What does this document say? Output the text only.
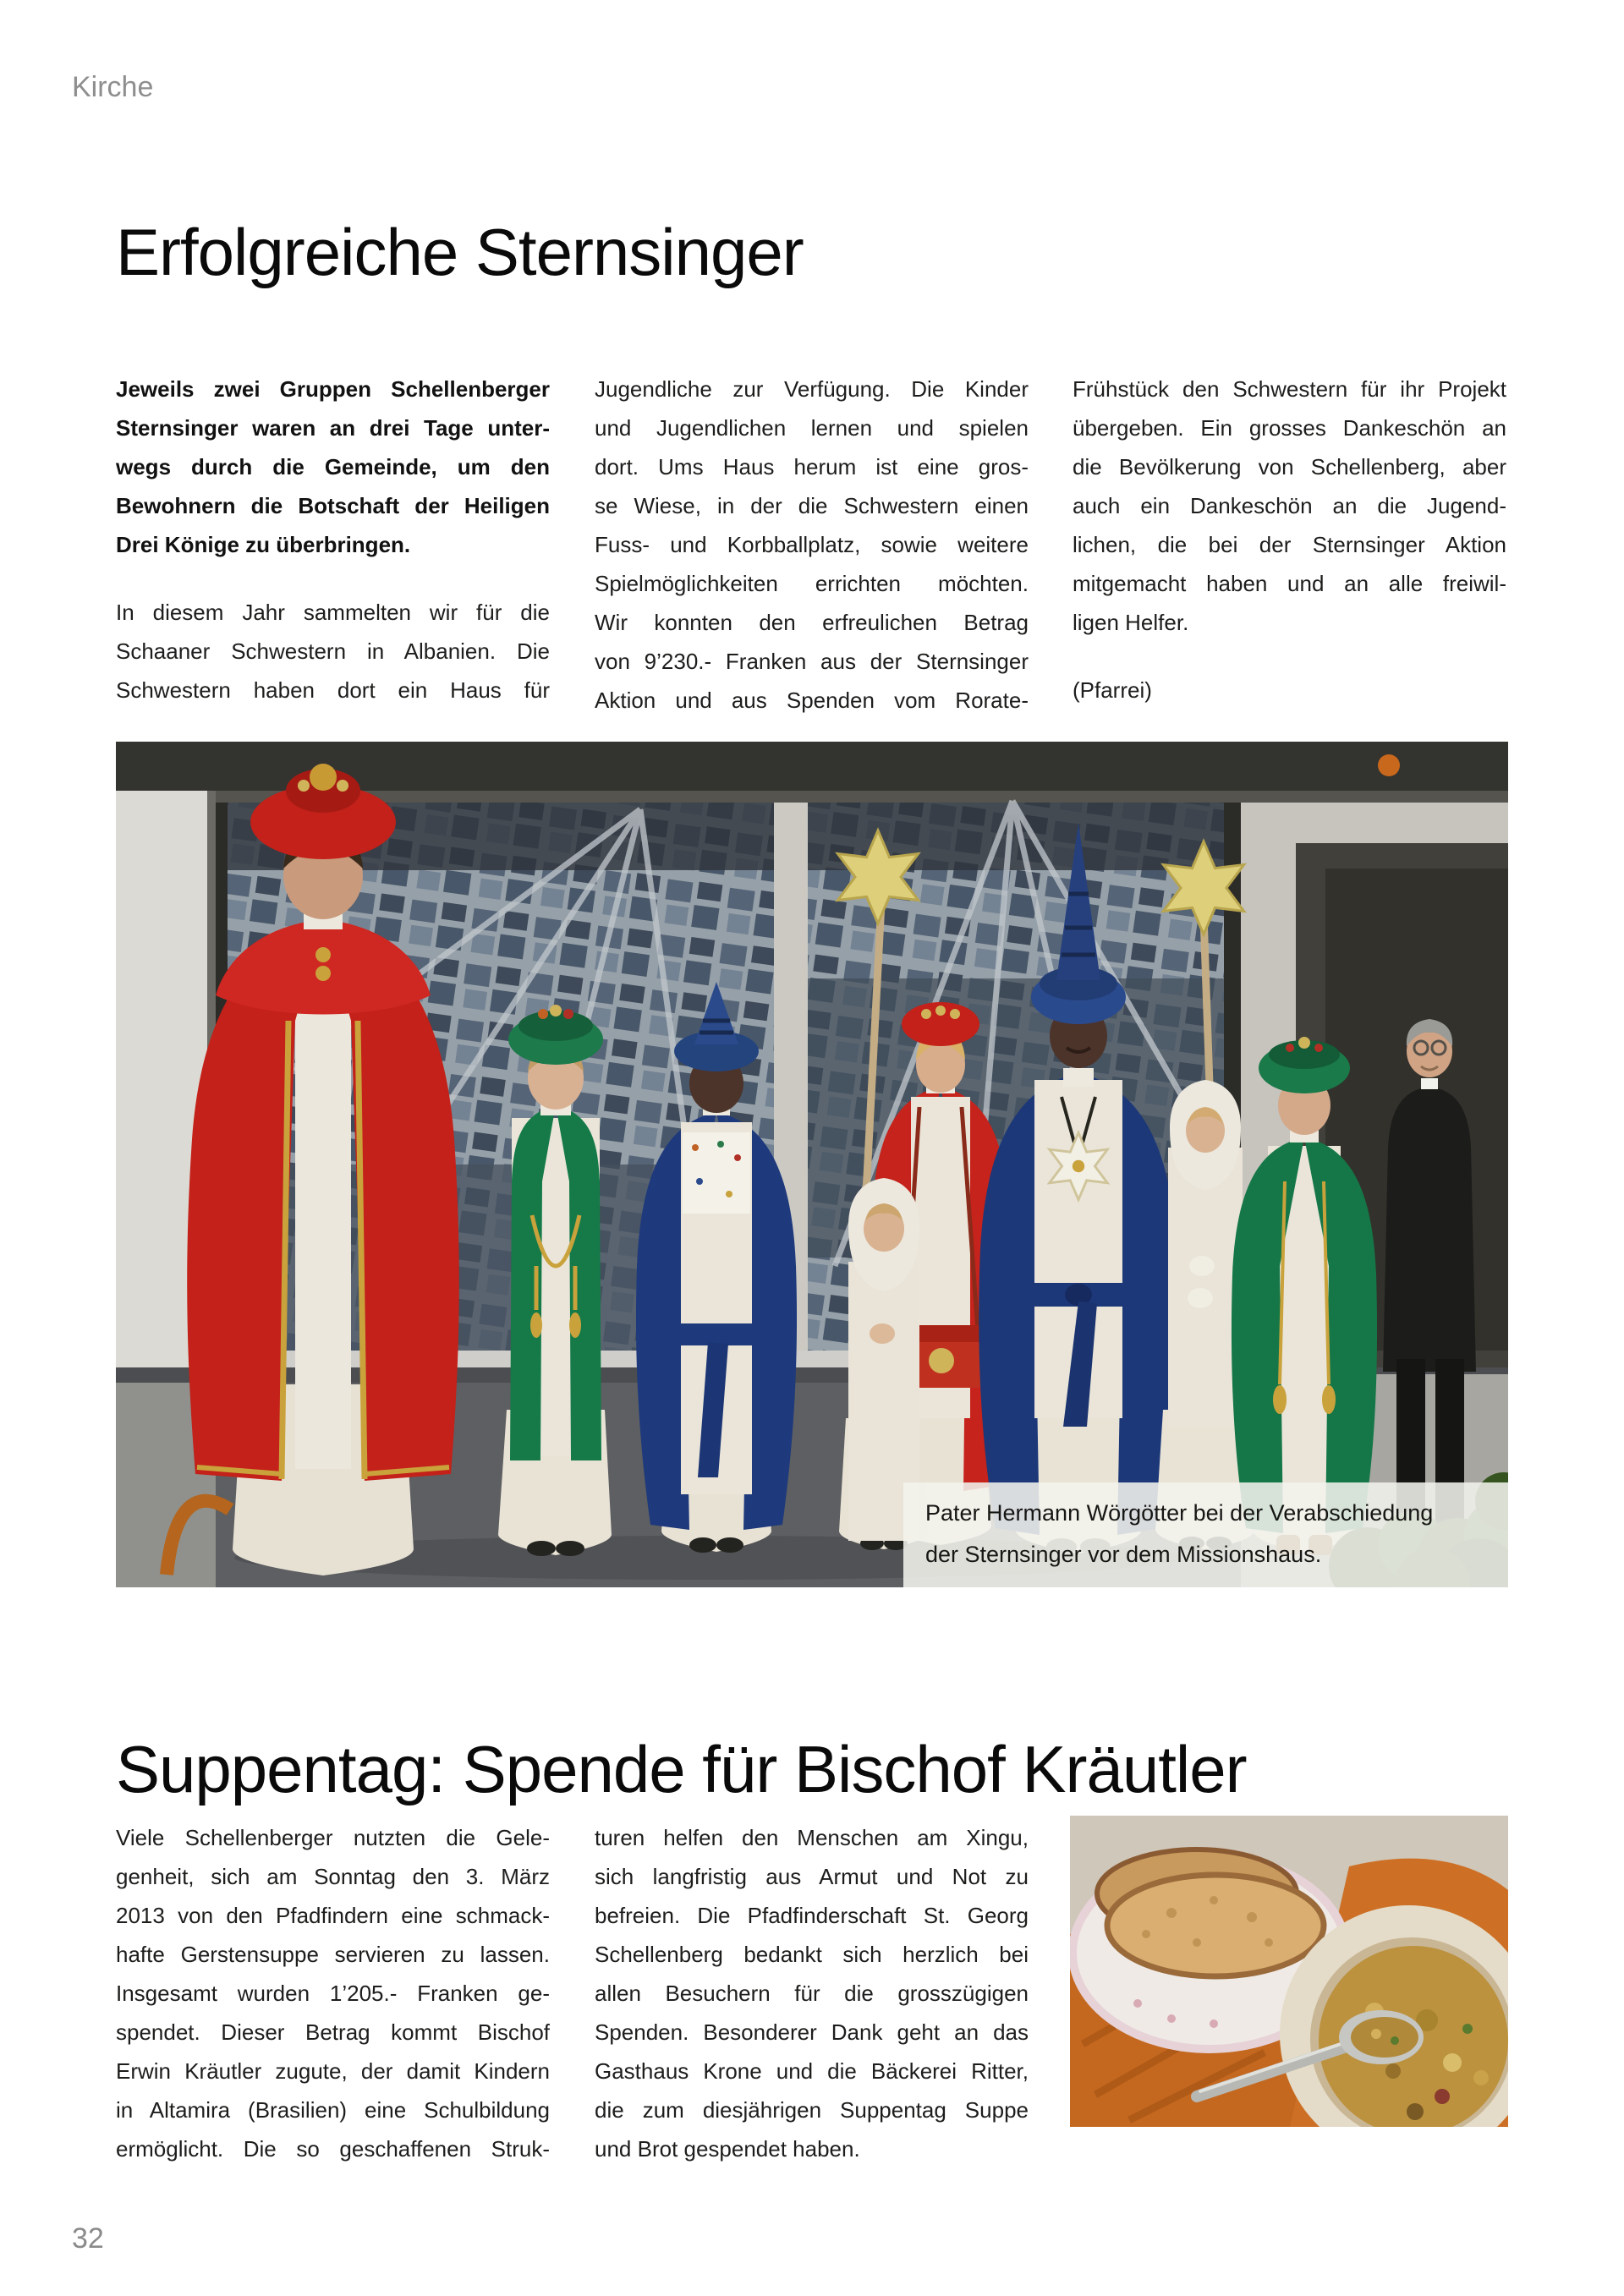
Kirche
Erfolgreiche Sternsinger
Jeweils zwei Gruppen Schellenberger
Sternsinger waren an drei Tage unter-
wegs durch die Gemeinde, um den
Bewohnern die Botschaft der Heiligen
Drei Könige zu überbringen.
In diesem Jahr sammelten wir für die
Schaaner Schwestern in Albanien. Die
Schwestern haben dort ein Haus für
Jugendliche zur Verfügung. Die Kinder
und Jugendlichen lernen und spielen
dort. Ums Haus herum ist eine gros-
se Wiese, in der die Schwestern einen
Fuss- und Korbballplatz, sowie weitere
Spielmöglichkeiten errichten möchten.
Wir konnten den erfreulichen Betrag
von 9’230.- Franken aus der Sternsinger
Aktion und aus Spenden vom Rorate-
Frühstück den Schwestern für ihr Projekt
übergeben. Ein grosses Dankeschön an
die Bevölkerung von Schellenberg, aber
auch ein Dankeschön an die Jugend-
lichen, die bei der Sternsinger Aktion
mitgemacht haben und an alle freiwil-
ligen Helfer.
(Pfarrei)
Pater Hermann Wörgötter bei der Verabschiedung
der Sternsinger vor dem Missionshaus.
Suppentag: Spende für Bischof Kräutler
Viele Schellenberger nutzten die Gele-
genheit, sich am Sonntag den 3. März
2013 von den Pfadfindern eine schmack-
hafte Gerstensuppe servieren zu lassen.
Insgesamt wurden 1’205.- Franken ge-
spendet. Dieser Betrag kommt Bischof
Erwin Kräutler zugute, der damit Kindern
in Altamira (Brasilien) eine Schulbildung
ermöglicht. Die so geschaffenen Struk-
turen helfen den Menschen am Xingu,
sich langfristig aus Armut und Not zu
befreien. Die Pfadfinderschaft St. Georg
Schellenberg bedankt sich herzlich bei
allen Besuchern für die grosszügigen
Spenden. Besonderer Dank geht an das
Gasthaus Krone und die Bäckerei Ritter,
die zum diesjährigen Suppentag Suppe
und Brot gespendet haben.
32
